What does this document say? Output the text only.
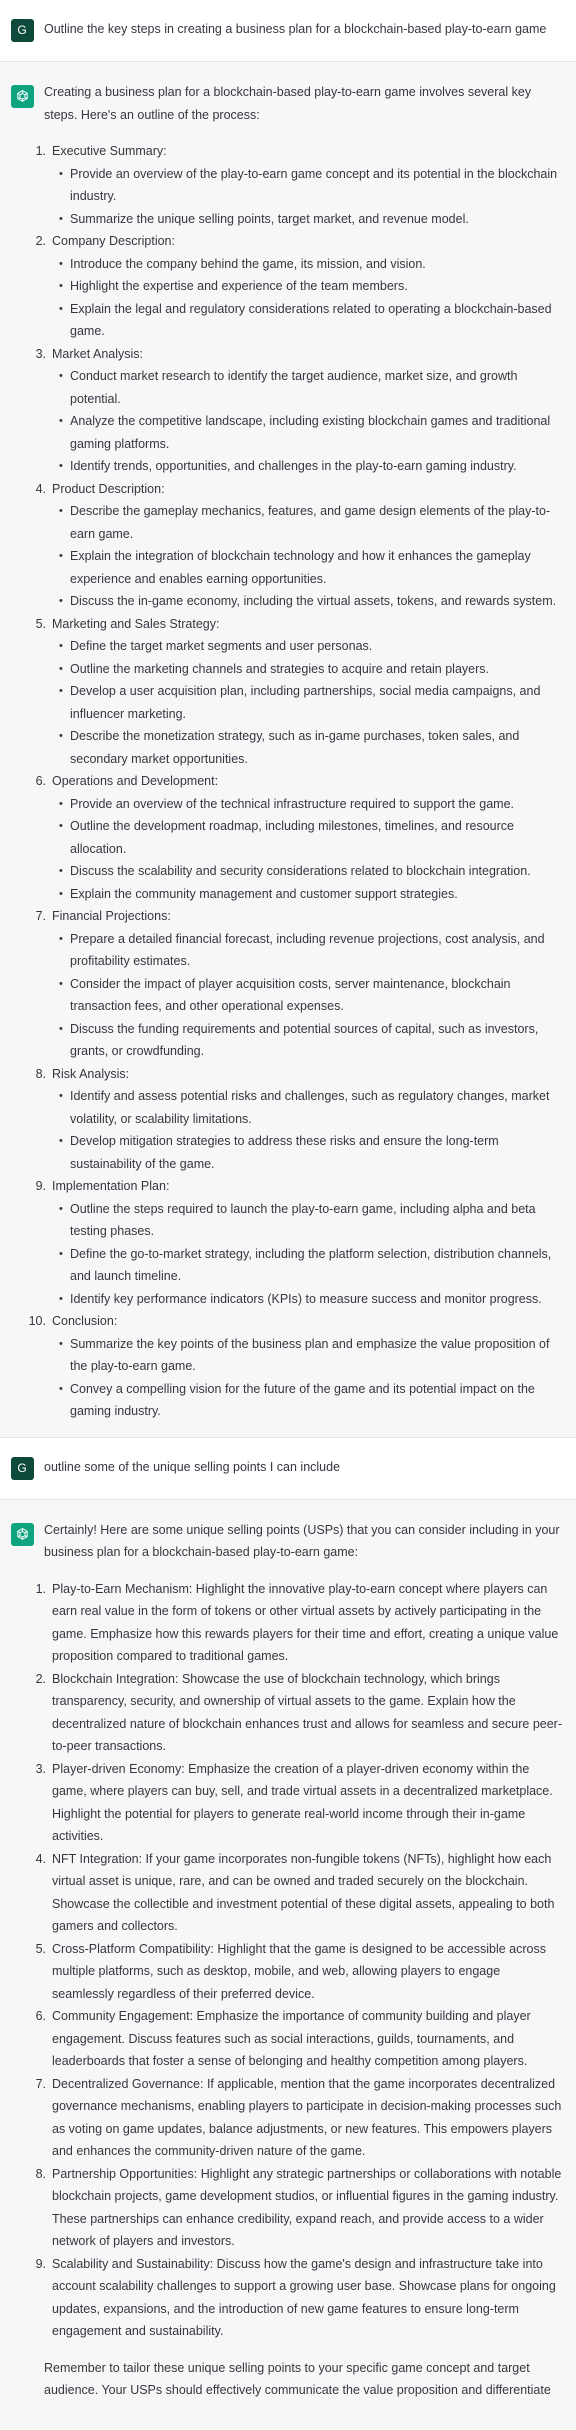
G	Outline the key steps in creating a business plan for a blockchain-based play-to-earn game

Creating a business plan for a blockchain-based play-to-earn game involves several key steps. Here's an outline of the process:

1. Executive Summary:
• Provide an overview of the play-to-earn game concept and its potential in the blockchain industry.
• Summarize the unique selling points, target market, and revenue model.
2. Company Description:
• Introduce the company behind the game, its mission, and vision.
• Highlight the expertise and experience of the team members.
• Explain the legal and regulatory considerations related to operating a blockchain-based game.
3. Market Analysis:
• Conduct market research to identify the target audience, market size, and growth potential.
• Analyze the competitive landscape, including existing blockchain games and traditional gaming platforms.
• Identify trends, opportunities, and challenges in the play-to-earn gaming industry.
4. Product Description:
• Describe the gameplay mechanics, features, and game design elements of the play-to-earn game.
• Explain the integration of blockchain technology and how it enhances the gameplay experience and enables earning opportunities.
• Discuss the in-game economy, including the virtual assets, tokens, and rewards system.
5. Marketing and Sales Strategy:
• Define the target market segments and user personas.
• Outline the marketing channels and strategies to acquire and retain players.
• Develop a user acquisition plan, including partnerships, social media campaigns, and influencer marketing.
• Describe the monetization strategy, such as in-game purchases, token sales, and secondary market opportunities.
6. Operations and Development:
• Provide an overview of the technical infrastructure required to support the game.
• Outline the development roadmap, including milestones, timelines, and resource allocation.
• Discuss the scalability and security considerations related to blockchain integration.
• Explain the community management and customer support strategies.
7. Financial Projections:
• Prepare a detailed financial forecast, including revenue projections, cost analysis, and profitability estimates.
• Consider the impact of player acquisition costs, server maintenance, blockchain transaction fees, and other operational expenses.
• Discuss the funding requirements and potential sources of capital, such as investors, grants, or crowdfunding.
8. Risk Analysis:
• Identify and assess potential risks and challenges, such as regulatory changes, market volatility, or scalability limitations.
• Develop mitigation strategies to address these risks and ensure the long-term sustainability of the game.
9. Implementation Plan:
• Outline the steps required to launch the play-to-earn game, including alpha and beta testing phases.
• Define the go-to-market strategy, including the platform selection, distribution channels, and launch timeline.
• Identify key performance indicators (KPIs) to measure success and monitor progress.
10. Conclusion:
• Summarize the key points of the business plan and emphasize the value proposition of the play-to-earn game.
• Convey a compelling vision for the future of the game and its potential impact on the gaming industry.
G	outline some of the unique selling points I can include

Certainly! Here are some unique selling points (USPs) that you can consider including in your business plan for a blockchain-based play-to-earn game:

1. Play-to-Earn Mechanism: Highlight the innovative play-to-earn concept where players can earn real value in the form of tokens or other virtual assets by actively participating in the game. Emphasize how this rewards players for their time and effort, creating a unique value proposition compared to traditional games.
2. Blockchain Integration: Showcase the use of blockchain technology, which brings transparency, security, and ownership of virtual assets to the game. Explain how the decentralized nature of blockchain enhances trust and allows for seamless and secure peer-to-peer transactions.
3. Player-driven Economy: Emphasize the creation of a player-driven economy within the game, where players can buy, sell, and trade virtual assets in a decentralized marketplace. Highlight the potential for players to generate real-world income through their in-game activities.
4. NFT Integration: If your game incorporates non-fungible tokens (NFTs), highlight how each virtual asset is unique, rare, and can be owned and traded securely on the blockchain. Showcase the collectible and investment potential of these digital assets, appealing to both gamers and collectors.
5. Cross-Platform Compatibility: Highlight that the game is designed to be accessible across multiple platforms, such as desktop, mobile, and web, allowing players to engage seamlessly regardless of their preferred device.
6. Community Engagement: Emphasize the importance of community building and player engagement. Discuss features such as social interactions, guilds, tournaments, and leaderboards that foster a sense of belonging and healthy competition among players.
7. Decentralized Governance: If applicable, mention that the game incorporates decentralized governance mechanisms, enabling players to participate in decision-making processes such as voting on game updates, balance adjustments, or new features. This empowers players and enhances the community-driven nature of the game.
8. Partnership Opportunities: Highlight any strategic partnerships or collaborations with notable blockchain projects, game development studios, or influential figures in the gaming industry. These partnerships can enhance credibility, expand reach, and provide access to a wider network of players and investors.
9. Scalability and Sustainability: Discuss how the game's design and infrastructure take into account scalability challenges to support a growing user base. Showcase plans for ongoing updates, expansions, and the introduction of new game features to ensure long-term engagement and sustainability.

Remember to tailor these unique selling points to your specific game concept and target audience. Your USPs should effectively communicate the value proposition and differentiate
